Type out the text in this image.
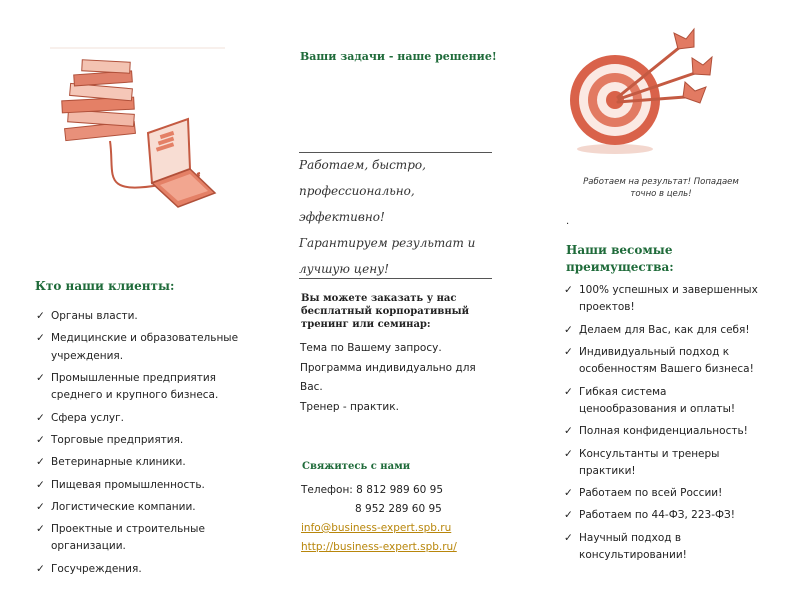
Кто наши клиенты:
✓ Органы власти.
✓ Медицинские и образовательные учреждения.
✓ Промышленные предприятия среднего и крупного бизнеса.
✓ Сфера услуг.
✓ Торговые предприятия.
✓ Ветеринарные клиники.
✓ Пищевая промышленность.
✓ Логистические компании.
✓ Проектные и строительные организации.
✓ Госучреждения.
Ваши задачи - наше решение!
Работаем, быстро,
профессионально,
эффективно!
Гарантируем результат и
лучшую цену!
Вы можете заказать у нас бесплатный корпоративный тренинг или семинар:
Тема по Вашему запросу.
Программа индивидуально для Вас.
Тренер - практик.
Свяжитесь с нами
Телефон: 8 812 989 60 95
8 952 289 60 95
info@business-expert.spb.ru
http://business-expert.spb.ru/
Работаем на результат! Попадаем точно в цель!
.
Наши весомые преимущества:
✓ 100% успешных и завершенных проектов!
✓ Делаем для Вас, как для себя!
✓ Индивидуальный подход к особенностям Вашего бизнеса!
✓ Гибкая система ценообразования и оплаты!
✓ Полная конфиденциальность!
✓ Консультанты и тренеры практики!
✓ Работаем по всей России!
✓ Работаем по 44-ФЗ, 223-ФЗ!
✓ Научный подход в консультировании!
